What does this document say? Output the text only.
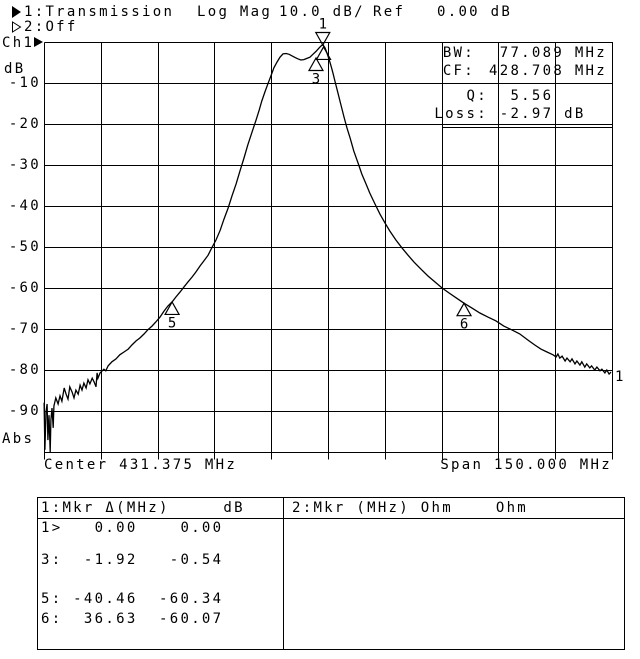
1
3
5	6
1
1:Transmission Log Mag 10.0 dB/ Ref 0.00 dB
2:Off
Ch1
dB
-10
-20
-30
-40
-50
-60
-70
-80
-90
Abs
Center 431.375 MHz	Span 150.000 MHz
BW: 77.089 MHz
CF: 428.708 MHz
Q: 5.56
Loss: -2.97 dB
1:Mkr Δ(MHz)     dB	2:Mkr (MHz) Ohm    Ohm
1>   0.00    0.00
3:  -1.92   -0.54
5: -40.46  -60.34
6:  36.63  -60.07
